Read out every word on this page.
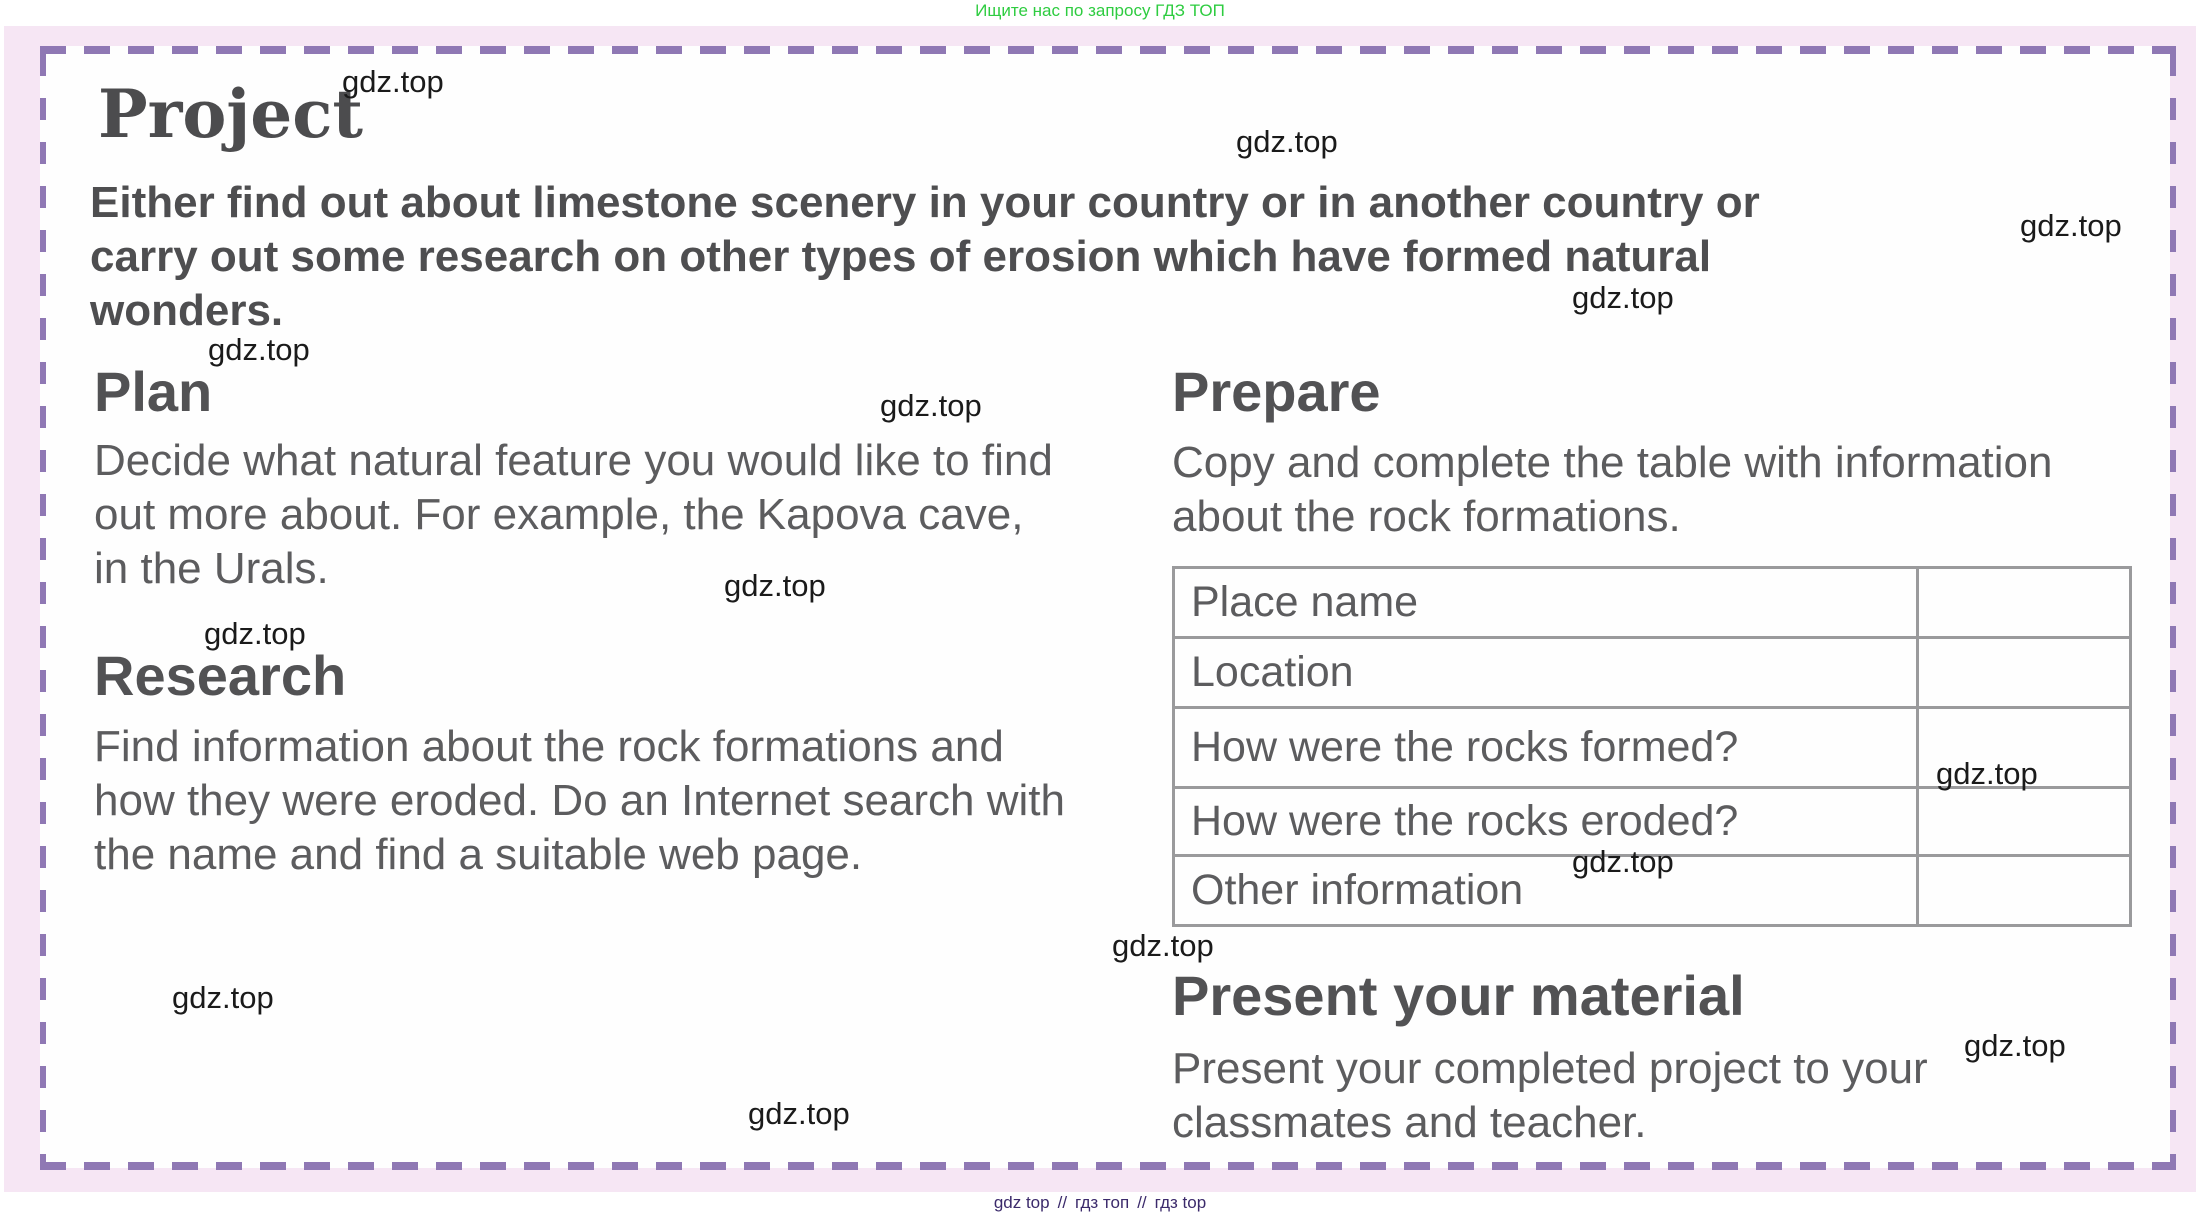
Ищите нас по запросу ГДЗ ТОП
Project

Either find out about limestone scenery in your country or in another country or carry out some research on other types of erosion which have formed natural wonders.

Plan

Decide what natural feature you would like to find out more about. For example, the Kapova cave, in the Urals.

Research

Find information about the rock formations and how they were eroded. Do an Internet search with the name and find a suitable web page.

Prepare

Copy and complete the table with information about the rock formations.

Place name	
Location	
How were the rocks formed?	
How were the rocks eroded?	
Other information	
Present your material

Present your completed project to your classmates and teacher.

gdz.top
gdz.top
gdz.top
gdz.top
gdz.top
gdz.top
gdz.top
gdz.top
gdz.top
gdz.top
gdz.top
gdz.top
gdz.top
gdz.top
gdz top // гдз топ // гдз top
